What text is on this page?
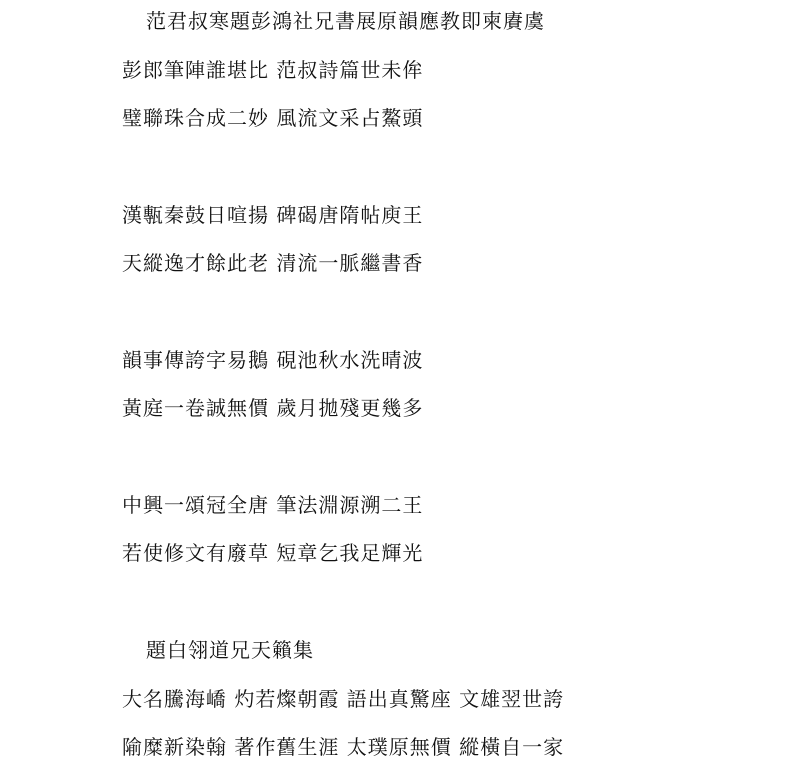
范君叔寒題彭鴻社兄書展原韻應教即柬賡虞
彭郎筆陣誰堪比 范叔詩篇世未侔
璧聯珠合成二妙 風流文采占鰲頭
漢甎秦鼓日喧揚 碑碣唐隋帖庾王
天縱逸才餘此老 清流一脈繼書香
韻事傳誇字易鵝 硯池秋水洗晴波
黃庭一卷誠無價 歲月拋殘更幾多
中興一頌冠全唐 筆法淵源溯二王
若使修文有廢草 短章乞我足輝光
題白翎道兄天籟集
大名騰海嶠 灼若燦朝霞 語出真驚座 文雄翌世誇
隃糜新染翰 著作舊生涯 太璞原無價 縱橫自一家
